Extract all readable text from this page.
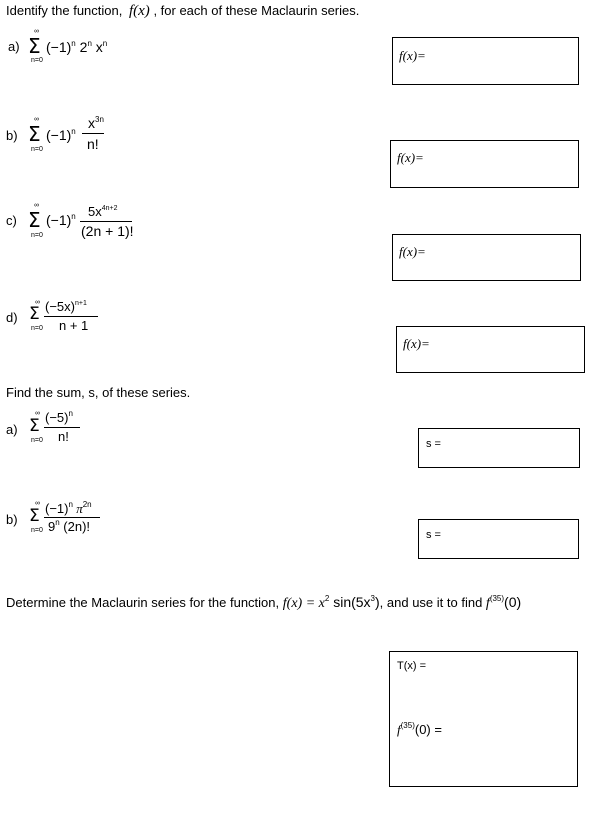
Identify the function, f(x) , for each of these Maclaurin series.
a)
∞
Σ
n=0
$(-1)^n$ 2$^n$ $x^n$
f(x)=
b)
∞
Σ
n=0
$(-1)^n$
$x^{3n}$
n!
f(x)=
c)
∞
Σ
n=0
$(-1)^n$ $5x^{4n+2}$
(2n + 1)!
f(x)=
d)
∞
Σ
n=0
$(-5x)^{n+1}$
n + 1
f(x)=
Find the sum, s, of these series.
a)
∞
Σ
n=0
$(-5)^n$
n!	s =
b)
∞
Σ
n=0
$(-1)^n$ $\pi^{2n}$
9$^n$ (2n)!
s =
Determine the Maclaurin series for the function, $f(x) = x^2$ $\sin(5x^3)$, and use it to find $f^{(35)}(0)$
T(x) =
$f^{(35)}(0)$ =
